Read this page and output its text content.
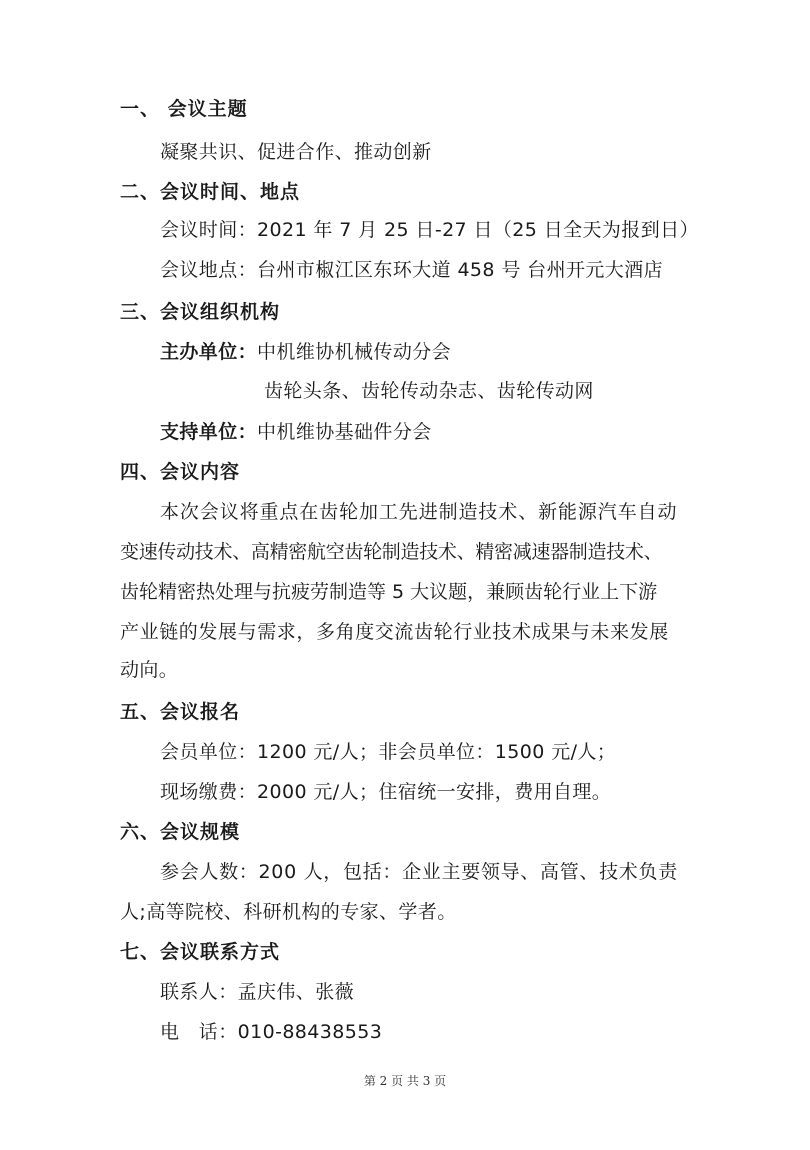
一、 会议主题
凝聚共识、促进合作、推动创新
二、会议时间、地点
会议时间：2021 年 7 月 25 日-27 日（25 日全天为报到日）
会议地点：台州市椒江区东环大道 458 号 台州开元大酒店
三、会议组织机构
主办单位：中机维协机械传动分会
齿轮头条、齿轮传动杂志、齿轮传动网
支持单位：中机维协基础件分会
四、会议内容
本次会议将重点在齿轮加工先进制造技术、新能源汽车自动
变速传动技术、高精密航空齿轮制造技术、精密减速器制造技术、
齿轮精密热处理与抗疲劳制造等 5 大议题，兼顾齿轮行业上下游
产业链的发展与需求，多角度交流齿轮行业技术成果与未来发展
动向。
五、会议报名
会员单位：1200 元/人；非会员单位：1500 元/人；
现场缴费：2000 元/人；住宿统一安排，费用自理。
六、会议规模
参会人数：200 人，包括：企业主要领导、高管、技术负责
人;高等院校、科研机构的专家、学者。
七、会议联系方式
联系人：孟庆伟、张薇
电　话：010-88438553
第 2 页 共 3 页
